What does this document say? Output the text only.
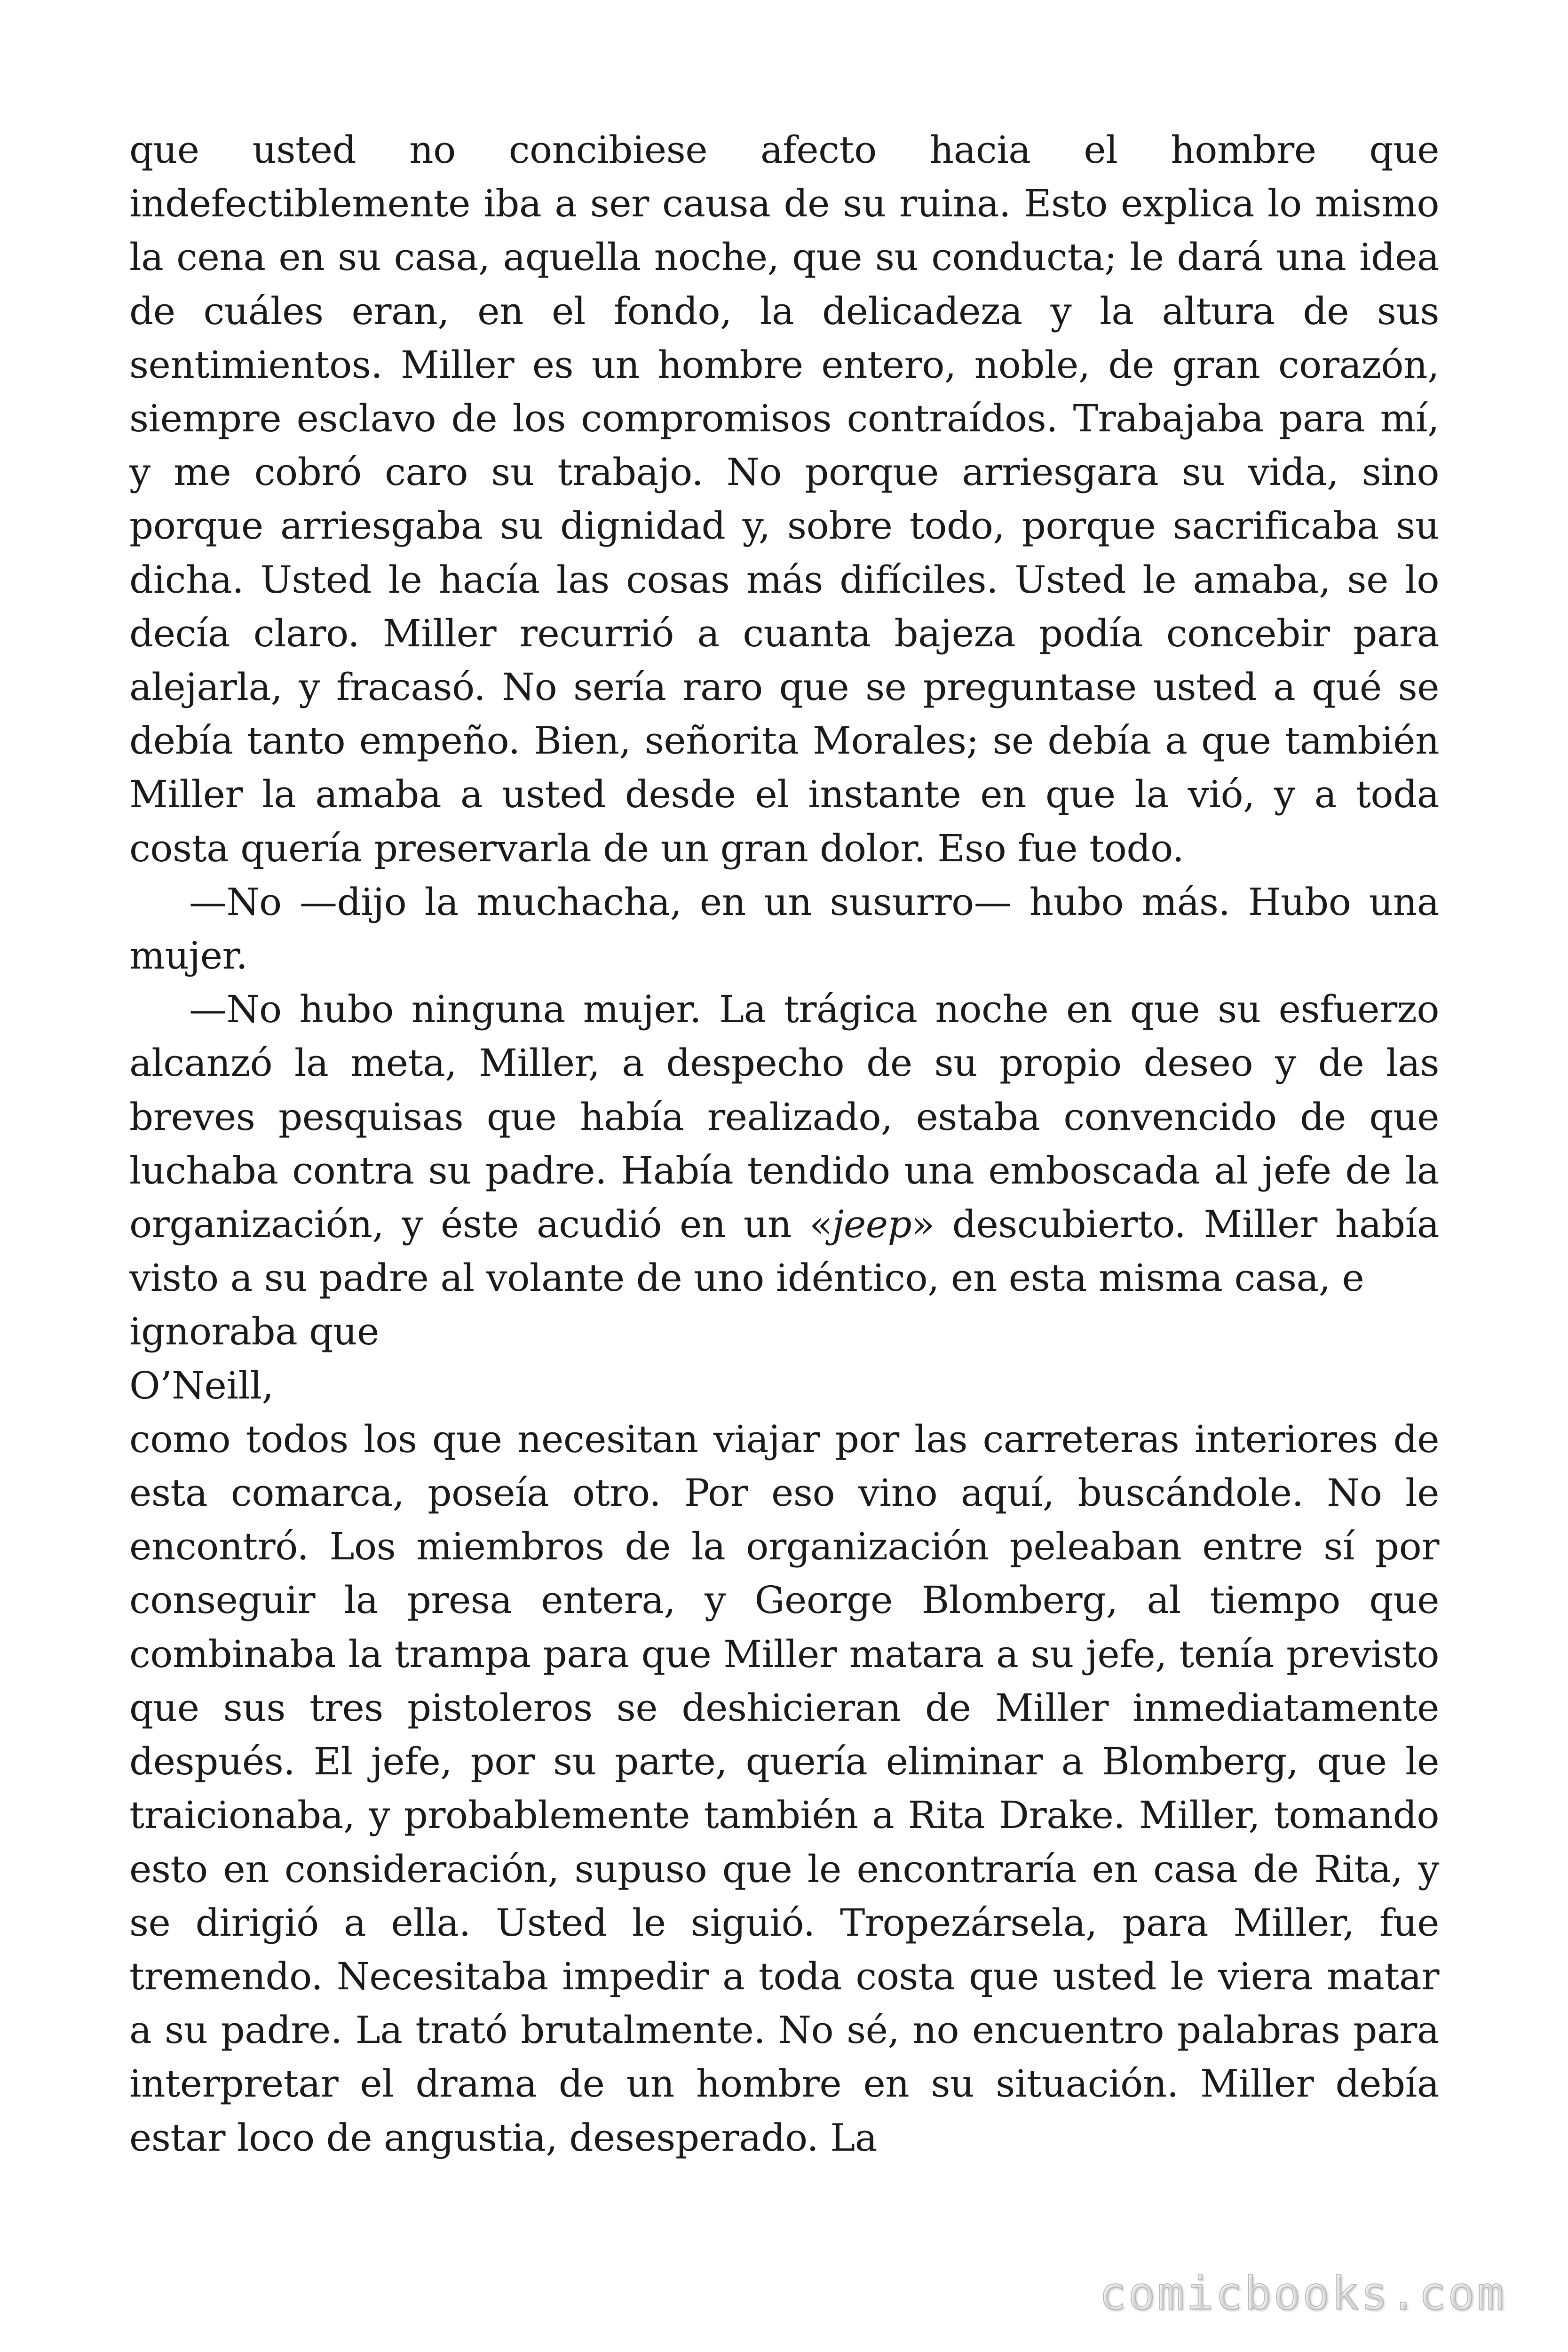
que usted no concibiese afecto hacia el hombre que indefectiblemente iba a ser causa de su ruina. Esto explica lo mismo la cena en su casa, aquella noche, que su conducta; le dará una idea de cuáles eran, en el fondo, la delicadeza y la altura de sus sentimientos. Miller es un hombre entero, noble, de gran corazón, siempre esclavo de los compromisos contraídos. Trabajaba para mí, y me cobró caro su trabajo. No porque arriesgara su vida, sino porque arriesgaba su dignidad y, sobre todo, porque sacrificaba su dicha. Usted le hacía las cosas más difíciles. Usted le amaba, se lo decía claro. Miller recurrió a cuanta bajeza podía concebir para alejarla, y fracasó. No sería raro que se preguntase usted a qué se debía tanto empeño. Bien, señorita Morales; se debía a que también Miller la amaba a usted desde el instante en que la vió, y a toda costa quería preservarla de un gran dolor. Eso fue todo.

—No —dijo la muchacha, en un susurro— hubo más. Hubo una mujer.

—No hubo ninguna mujer. La trágica noche en que su esfuerzo alcanzó la meta, Miller, a despecho de su propio deseo y de las breves pesquisas que había realizado, estaba convencido de que luchaba contra su padre. Había tendido una emboscada al jefe de la organización, y éste acudió en un «jeep» descubierto. Miller había visto a su padre al volante de uno idéntico, en esta misma casa, e

ignoraba que

O’Neill,

como todos los que necesitan viajar por las carreteras interiores de esta comarca, poseía otro. Por eso vino aquí, buscándole. No le encontró. Los miembros de la organización peleaban entre sí por conseguir la presa entera, y George Blomberg, al tiempo que combinaba la trampa para que Miller matara a su jefe, tenía previsto que sus tres pistoleros se deshicieran de Miller inmediatamente después. El jefe, por su parte, quería eliminar a Blomberg, que le traicionaba, y probablemente también a Rita Drake. Miller, tomando esto en consideración, supuso que le encontraría en casa de Rita, y se dirigió a ella. Usted le siguió. Tropezársela, para Miller, fue tremendo. Necesitaba impedir a toda costa que usted le viera matar a su padre. La trató brutalmente. No sé, no encuentro palabras para interpretar el drama de un hombre en su situación. Miller debía estar loco de angustia, desesperado. La

comicbooks.com
